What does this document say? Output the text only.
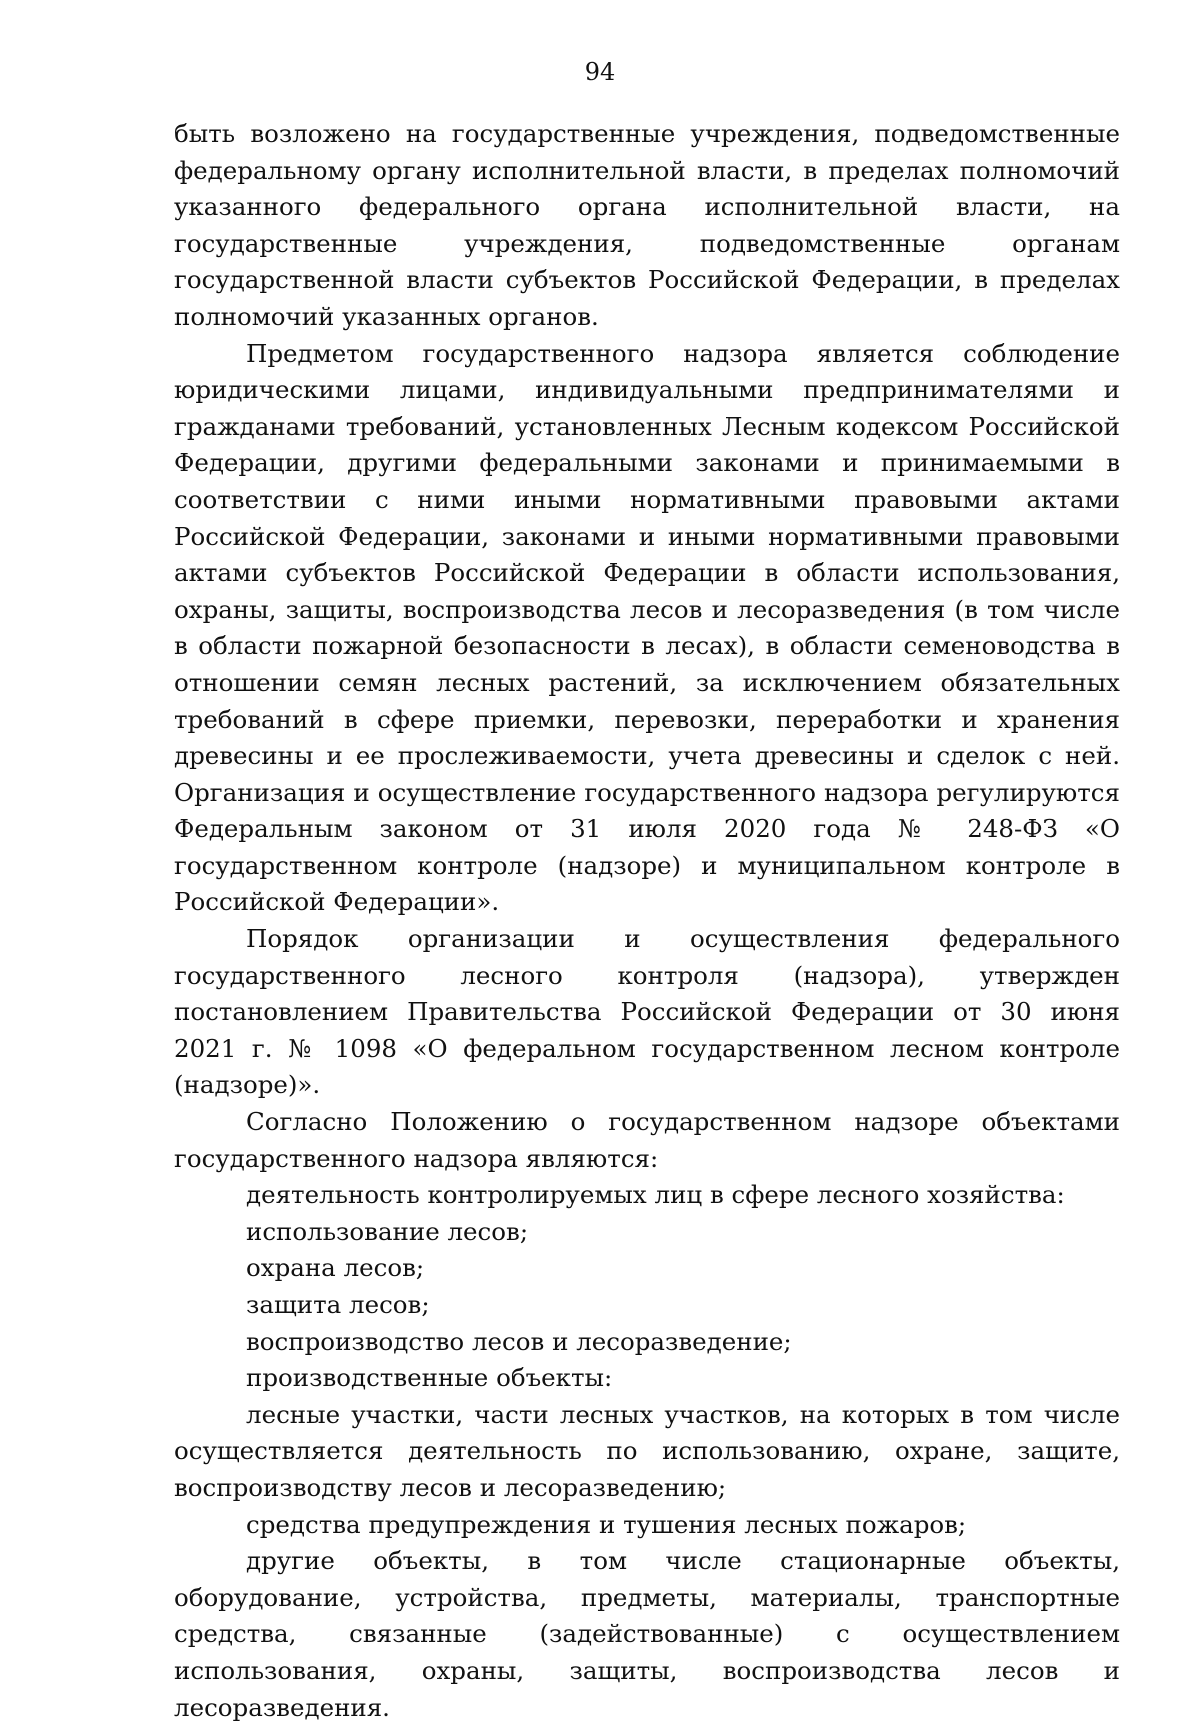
94

быть возложено на государственные учреждения, подведомственные федеральному органу исполнительной власти, в пределах полномочий указанного федерального органа исполнительной власти, на государственные учреждения, подведомственные органам государственной власти субъектов Российской Федерации, в пределах полномочий указанных органов.

Предметом государственного надзора является соблюдение юридическими лицами, индивидуальными предпринимателями и гражданами требований, установленных Лесным кодексом Российской Федерации, другими федеральными законами и принимаемыми в соответствии с ними иными нормативными правовыми актами Российской Федерации, законами и иными нормативными правовыми актами субъектов Российской Федерации в области использования, охраны, защиты, воспроизводства лесов и лесоразведения (в том числе в области пожарной безопасности в лесах), в области семеноводства в отношении семян лесных растений, за исключением обязательных требований в сфере приемки, перевозки, переработки и хранения древесины и ее прослеживаемости, учета древесины и сделок с ней. Организация и осуществление государственного надзора регулируются Федеральным законом от 31 июля 2020 года № 248-ФЗ «О государственном контроле (надзоре) и муниципальном контроле в Российской Федерации».

Порядок организации и осуществления федерального государственного лесного контроля (надзора), утвержден постановлением Правительства Российской Федерации от 30 июня 2021 г. № 1098 «О федеральном государственном лесном контроле (надзоре)».

Согласно Положению о государственном надзоре объектами государственного надзора являются:

деятельность контролируемых лиц в сфере лесного хозяйства:

использование лесов;

охрана лесов;

защита лесов;

воспроизводство лесов и лесоразведение;

производственные объекты:

лесные участки, части лесных участков, на которых в том числе осуществляется деятельность по использованию, охране, защите, воспроизводству лесов и лесоразведению;

средства предупреждения и тушения лесных пожаров;

другие объекты, в том числе стационарные объекты, оборудование, устройства, предметы, материалы, транспортные средства, связанные (задействованные) с осуществлением использования, охраны, защиты, воспроизводства лесов и лесоразведения.
